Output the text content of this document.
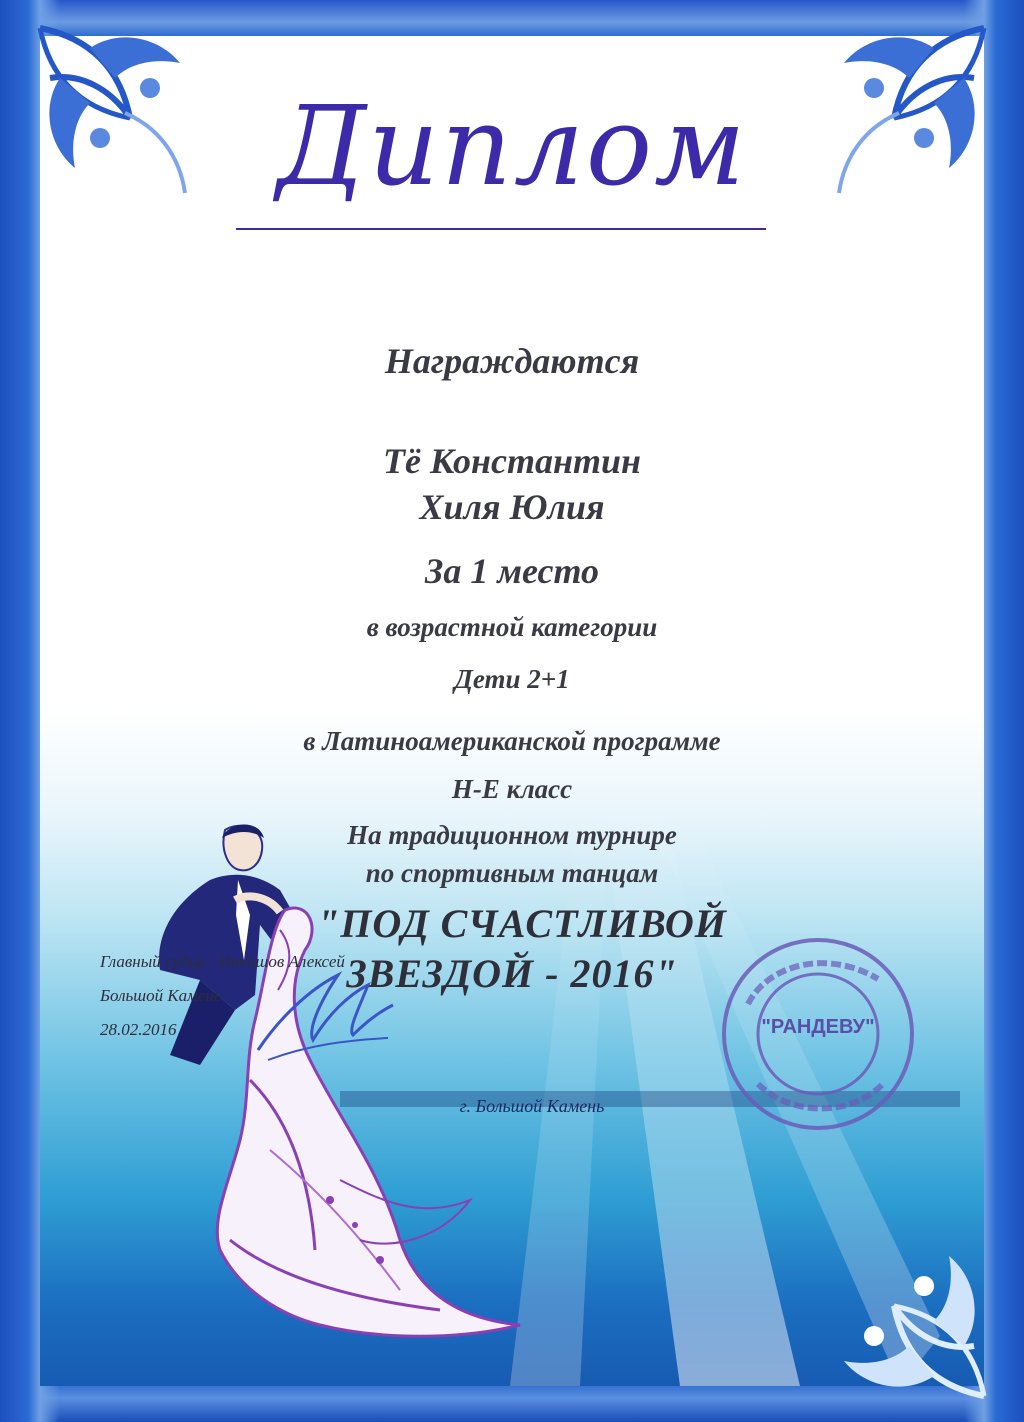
Диплом
Награждаются
Тё Константин
Хиля Юлия
За 1 место
в возрастной категории
Дети 2+1
в Латиноамериканской программе
Н-Е класс
На традиционном турнире
по спортивным танцам
"ПОД СЧАСТЛИВОЙ
ЗВЕЗДОЙ - 2016"
"РАНДЕВУ"
Главный судья : Никишов Алексей
Большой Камень
28.02.2016
г. Большой Камень
